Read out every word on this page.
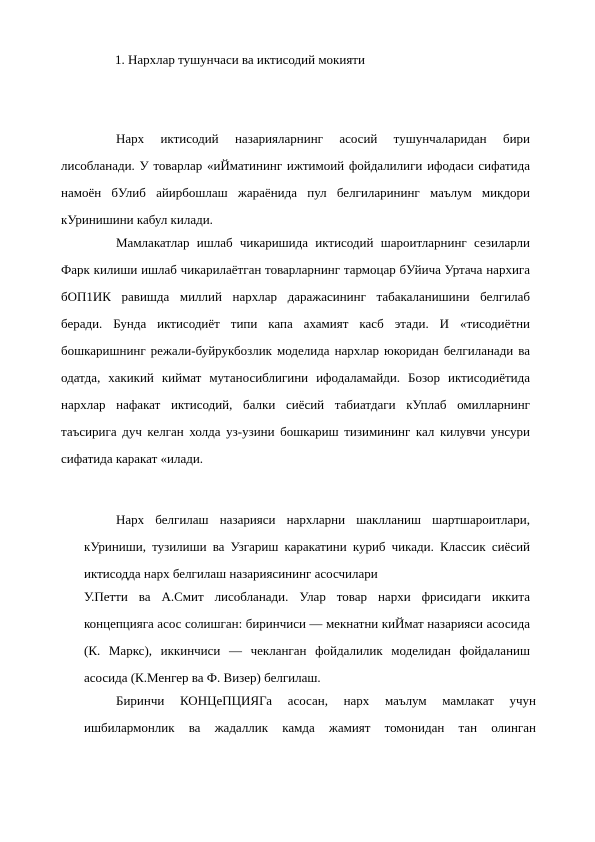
1. Нархлар тушунчаси ва иктисодий мокияти

Нарх иктисодий назарияларнинг асосий тушунчаларидан бири лисобланади. У товарлар «иЙматининг ижтимоий фойдалилиги ифодаси сифатида намоён бУлиб айирбошлаш жараёнида пул белгиларининг маълум микдори кУринишини кабул килади.

Мамлакатлар ишлаб чикаришида иктисодий шароитларнинг сезиларли Фарк килиши ишлаб чикарилаётган товарларнинг тармоцар бУйича Уртача нархига бОП1ИК равишда миллий нархлар даражасининг табакаланишини белгилаб беради. Бунда иктисодиёт типи капа ахамият касб этади. И «тисодиётни бошкаришнинг режали-буйрукбозлик моделида нархлар юкоридан белгиланади ва одатда, хакикий киймат мутаносиблигини ифодаламайди. Бозор иктисодиётида нархлар нафакат иктисодий, балки сиёсий табиатдаги кУплаб омилларнинг таъсирига дуч келган холда уз-узини бошкариш тизимининг кал килувчи унсури сифатида каракат «илади.

Нарх белгилаш назарияси нархларни шаклланиш шартшароитлари, кУриниши, тузилиши ва Узгариш каракатини куриб чикади. Классик сиёсий иктисодда нарх белгилаш назариясининг асосчилари

У.Петти ва А.Смит лисобланади. Улар товар нархи фрисидаги иккита концепцияга асос солишган: биринчиси — мекнатни киЙмат назарияси асосида (К. Маркс), иккинчиси — чекланган фойдалилик моделидан фойдаланиш асосида (К.Менгер ва Ф. Визер) белгилаш.

Биринчи КОНЦеПЦИЯГа асосан, нарх маълум мамлакат учун ишбилармонлик ва жадаллик камда жамият томонидан тан олинган
